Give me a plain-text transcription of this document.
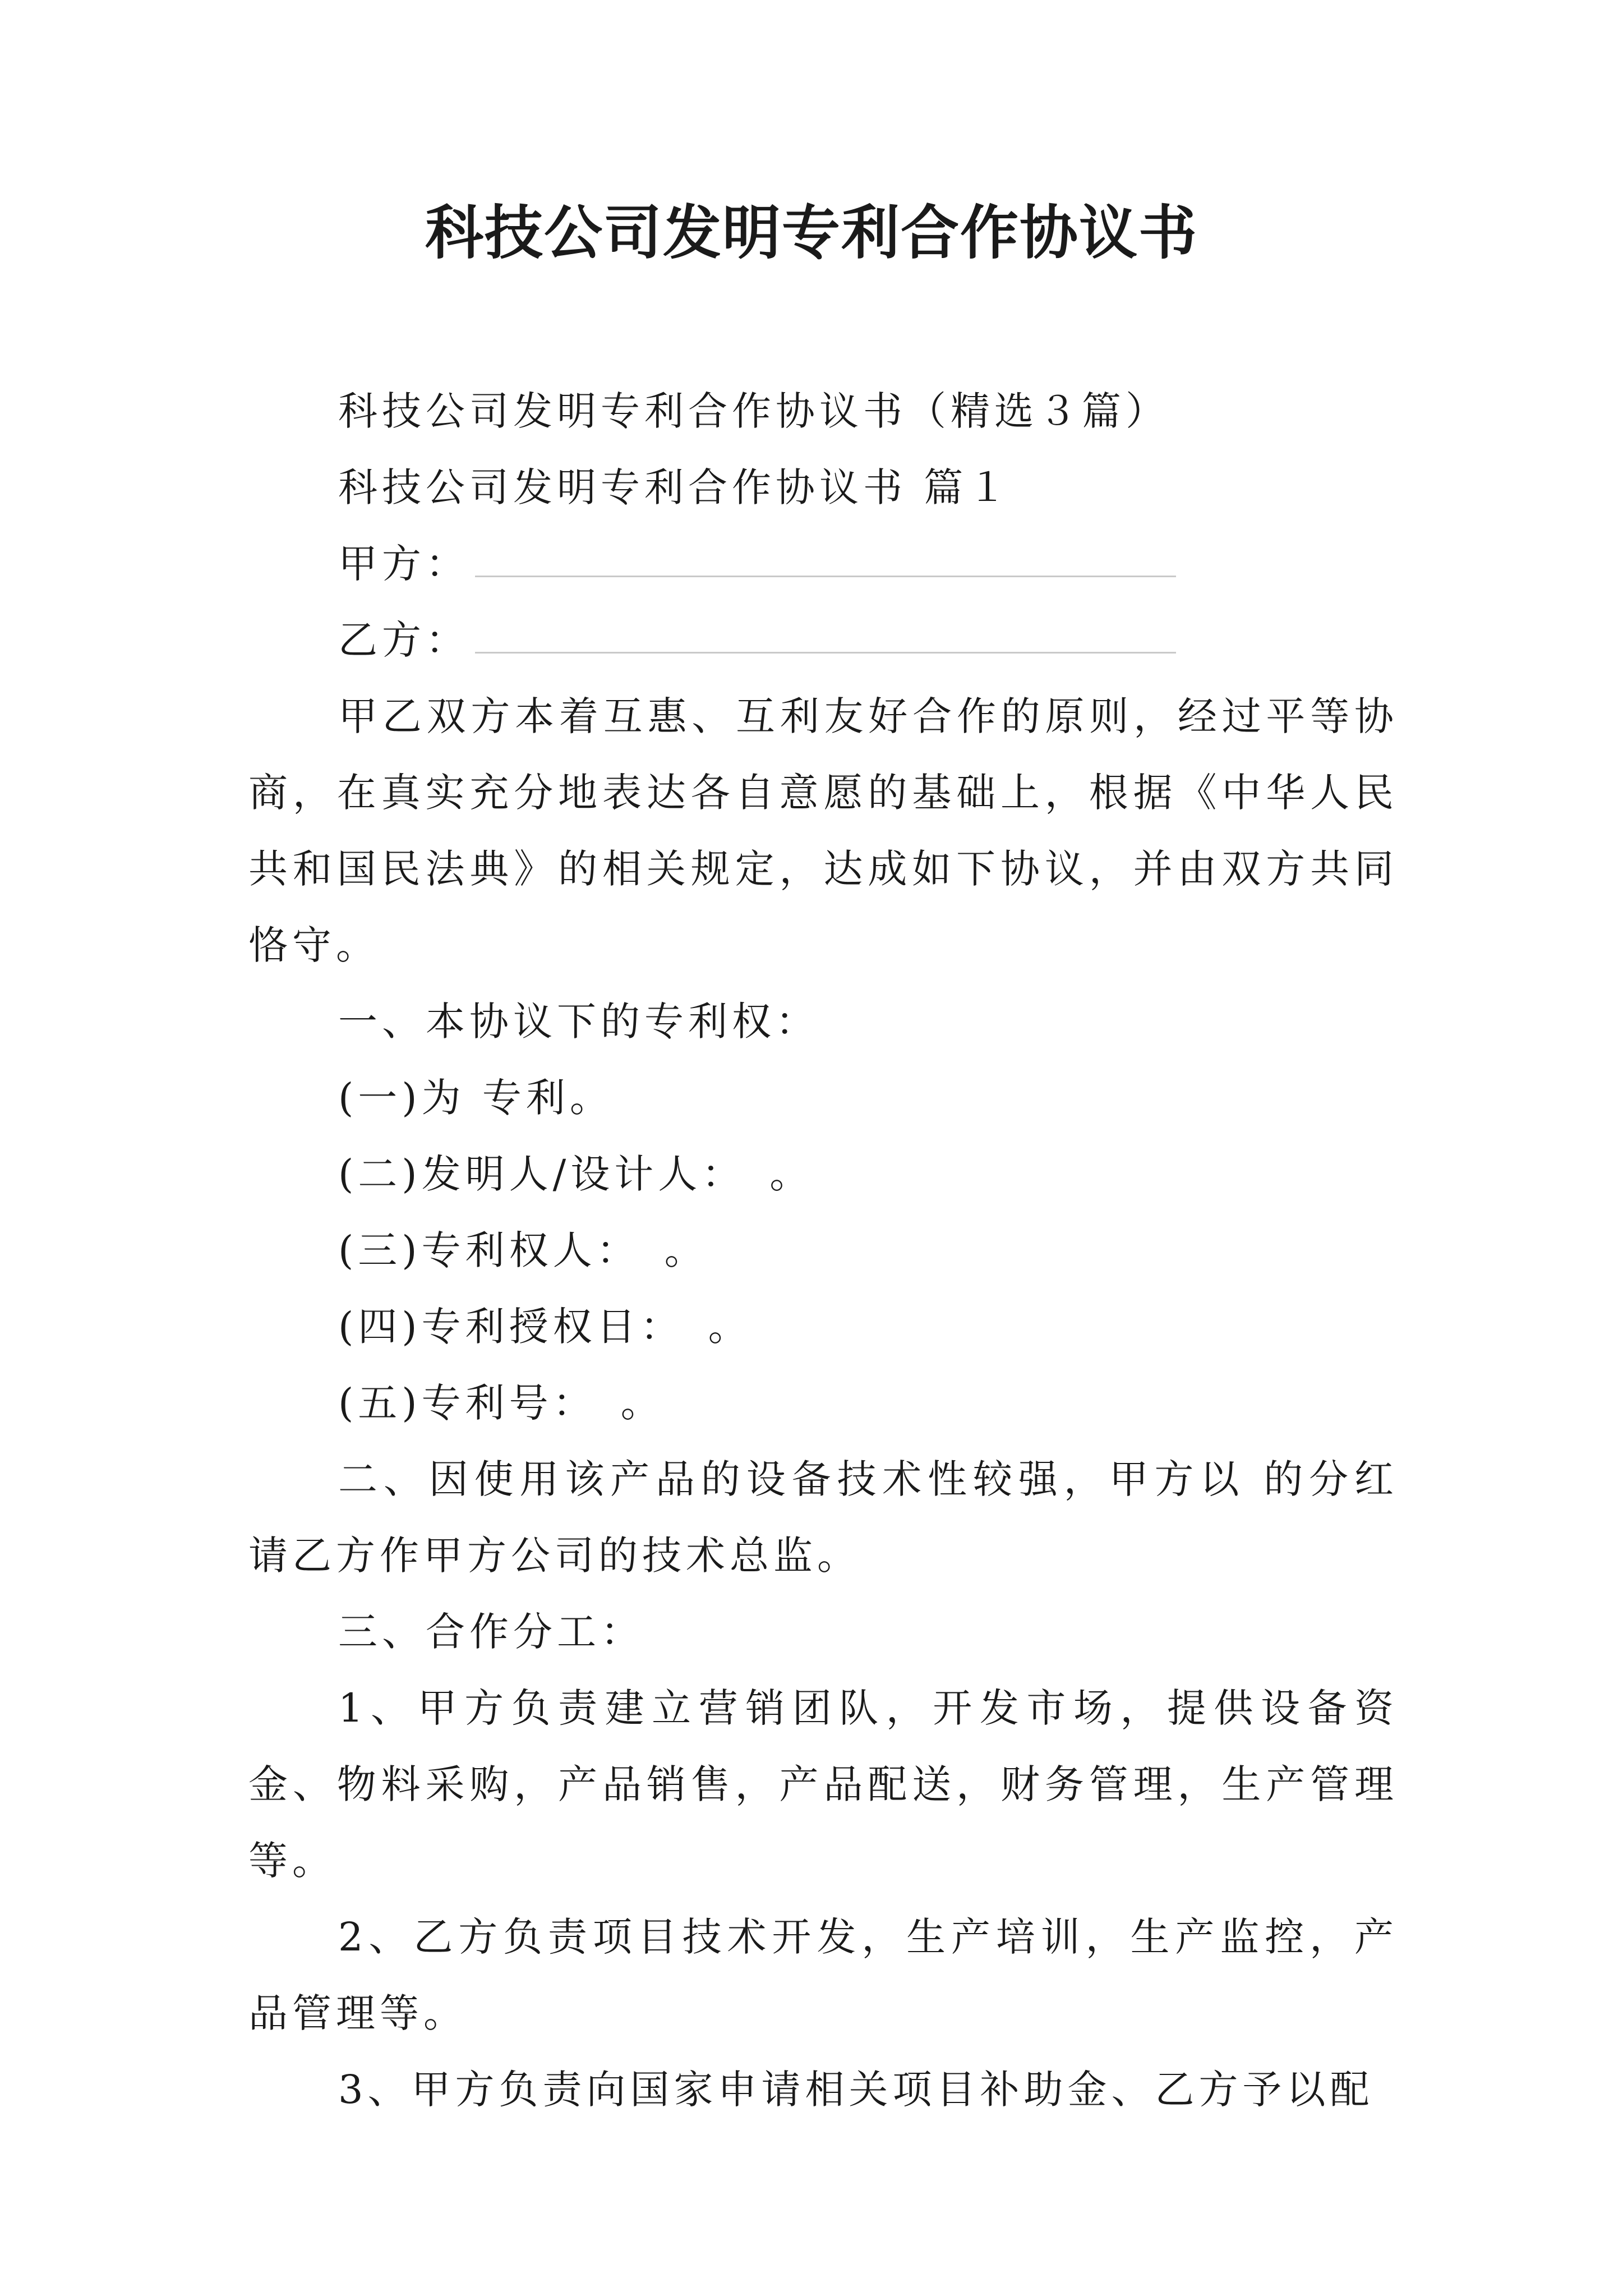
科技公司发明专利合作协议书

科技公司发明专利合作协议书（精选３篇）

科技公司发明专利合作协议书 篇１

甲方：

乙方：

甲乙双方本着互惠、互利友好合作的原则，经过平等协商，在真实充分地表达各自意愿的基础上，根据《中华人民共和国民法典》的相关规定，达成如下协议，并由双方共同恪守。

一、本协议下的专利权：

(一)为 专利。

(二)发明人/设计人：　。

(三)专利权人：　。

(四)专利授权日：　。

(五)专利号：　。

二、因使用该产品的设备技术性较强，甲方以 的分红请乙方作甲方公司的技术总监。

三、合作分工：

1、甲方负责建立营销团队，开发市场，提供设备资金、物料采购，产品销售，产品配送，财务管理，生产管理等。

2、乙方负责项目技术开发，生产培训，生产监控，产品管理等。

3、甲方负责向国家申请相关项目补助金、乙方予以配
